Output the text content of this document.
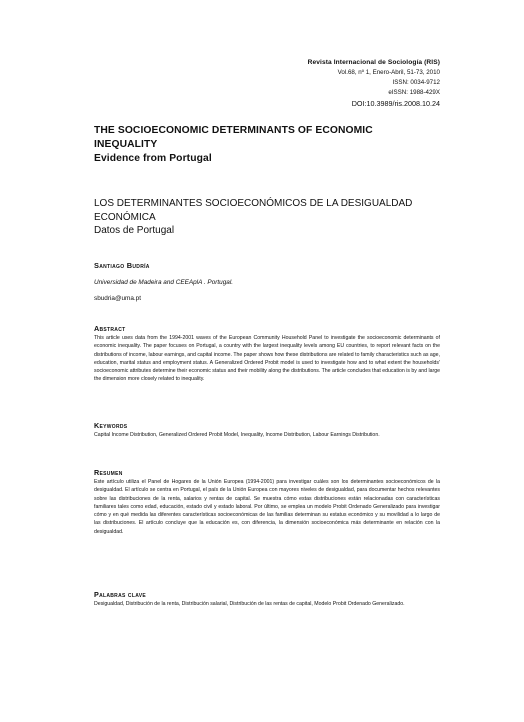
Revista Internacional de Sociología (RIS)
Vol.68, nº 1, Enero-Abril, 51-73, 2010
ISSN: 0034-9712
eISSN: 1988-429X
DOI:10.3989/ris.2008.10.24
THE SOCIOECONOMIC DETERMINANTS OF ECONOMIC
INEQUALITY
Evidence from Portugal
LOS DETERMINANTES SOCIOECONÓMICOS DE LA DESIGUALDAD
ECONÓMICA
Datos de Portugal
Santiago Budría
Universidad de Madeira and CEEAplA . Portugal.
sbudria@uma.pt
Abstract
This article uses data from the 1994-2001 waves of the European Community Household Panel to investigate the socioeconomic determinants of economic inequality. The paper focuses on Portugal, a country with the largest inequality levels among EU countries, to report relevant facts on the distributions of income, labour earnings, and capital income. The paper shows how these distributions are related to family characteristics such as age, education, marital status and employment status. A Generalized Ordered Probit model is used to investigate how and to what extent the households' socioeconomic attributes determine their economic status and their mobility along the distributions. The article concludes that education is by and large the dimension more closely related to inequality.
Keywords
Capital Income Distribution, Generalized Ordered Probit Model, Inequality, Income Distribution, Labour Earnings Distribution.
Resumen
Este artículo utiliza el Panel de Hogares de la Unión Europea (1994-2001) para investigar cuáles son los determinantes socioeconómicos de la desigualdad. El artículo se centra en Portugal, el país de la Unión Europea con mayores niveles de desigualdad, para documentar hechos relevantes sobre las distribuciones de la renta, salarios y rentas de capital. Se muestra cómo estas distribuciones están relacionadas con características familiares tales como edad, educación, estado civil y estado laboral. Por último, se emplea un modelo Probit Ordenado Generalizado para investigar cómo y en qué medida las diferentes características socioeconómicas de las familias determinan su estatus económico y su movilidad a lo largo de las distribuciones. El artículo concluye que la educación es, con diferencia, la dimensión socioeconómica más determinante en relación con la desigualdad.
Palabras clave
Desigualdad, Distribución de la renta, Distribución salarial, Distribución de las rentas de capital, Modelo Probit Ordenado Generalizado.
